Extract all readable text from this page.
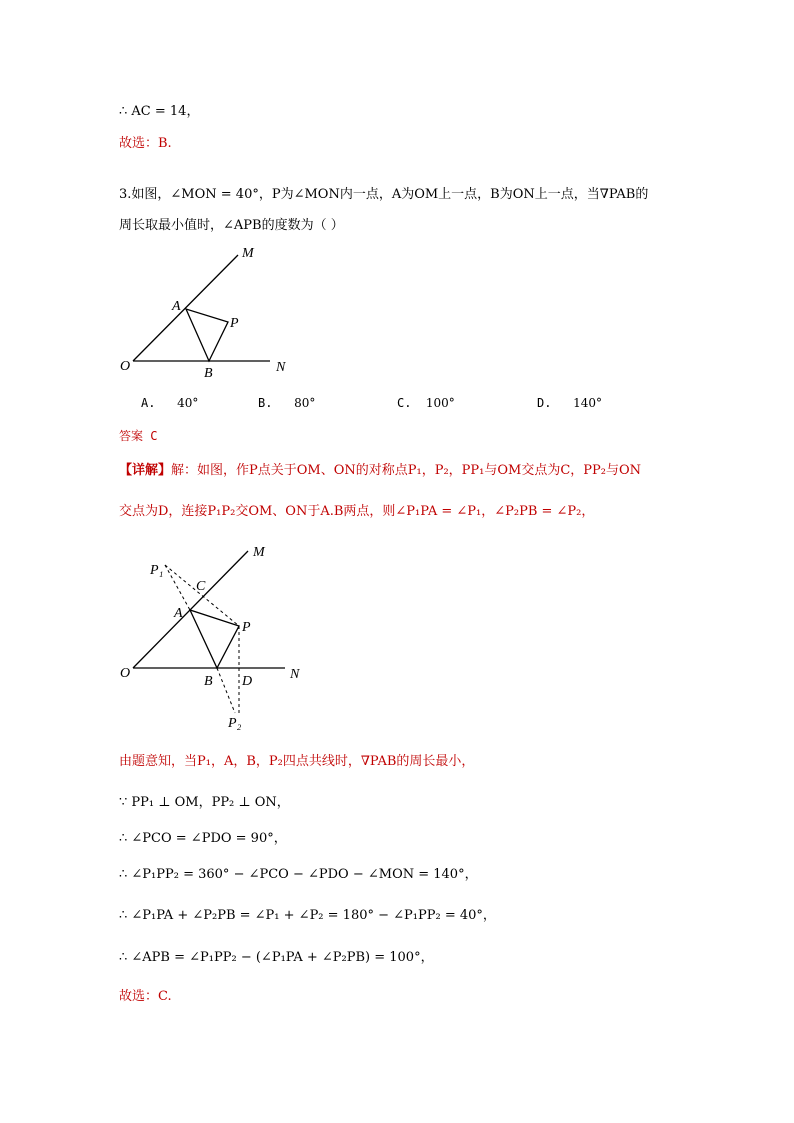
∴ AC = 14，
故选：B.
3.如图，∠MON = 40°，P为∠MON内一点，A为OM上一点，B为ON上一点，当∇PAB的
周长取最小值时，∠APB的度数为（ ）
M
A
P
O	B	N
A. 40°	B. 80°	C. 100°	D. 140°
答案 C
【详解】解：如图，作P点关于OM、ON的对称点P₁，P₂，PP₁与OM交点为C，PP₂与ON
交点为D，连接P₁P₂交OM、ON于A.B两点，则∠P₁PA = ∠P₁，∠P₂PB = ∠P₂，
P₁
C
M
A
P
O
B D	N
P₂
由题意知，当P₁，A，B，P₂四点共线时，∇PAB的周长最小，
∵ PP₁ ⊥ OM，PP₂ ⊥ ON，
∴ ∠PCO = ∠PDO = 90°，
∴ ∠P₁PP₂ = 360° − ∠PCO − ∠PDO − ∠MON = 140°，
∴ ∠P₁PA + ∠P₂PB = ∠P₁ + ∠P₂ = 180° − ∠P₁PP₂ = 40°，
∴ ∠APB = ∠P₁PP₂ − (∠P₁PA + ∠P₂PB) = 100°，
故选：C.
